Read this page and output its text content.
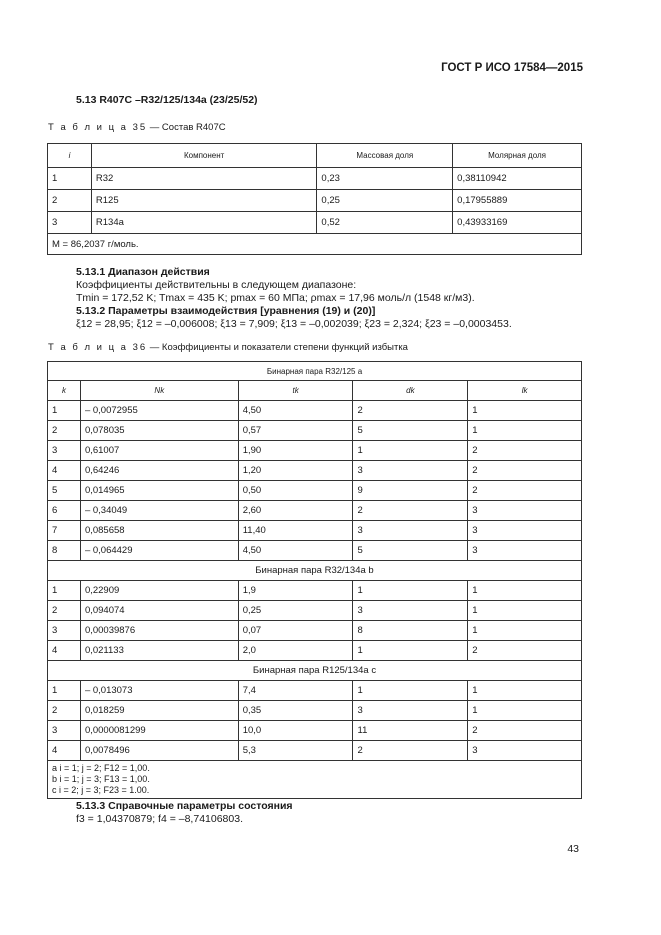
ГОСТ Р ИСО 17584—2015
5.13 R407C –R32/125/134a (23/25/52)
Т а б л и ц а 35 — Состав R407C
i	Компонент	Массовая доля	Молярная доля
1	R32	0,23	0,38110942
2	R125	0,25	0,17955889
3	R134a	0,52	0,43933169
M = 86,2037 г/моль.			
5.13.1 Диапазон действия
Коэффициенты действительны в следующем диапазоне:
Tmin = 172,52 K; Tmax = 435 K; pmax = 60 МПа; ρmax = 17,96 моль/л (1548 кг/м3).
5.13.2 Параметры взаимодействия [уравнения (19) и (20)]
ξ12 = 28,95; ξ12 = –0,006008; ξ13 = 7,909; ξ13 = –0,002039; ξ23 = 2,324; ξ23 = –0,0003453.
Т а б л и ц а 36 — Коэффициенты и показатели степени функций избытка
Бинарная пара R32/125 a				
k	Nk	tk	dk	lk
1	– 0,0072955	4,50	2	1
2	0,078035	0,57	5	1
3	0,61007	1,90	1	2
4	0,64246	1,20	3	2
5	0,014965	0,50	9	2
6	– 0,34049	2,60	2	3
7	0,085658	11,40	3	3
8	– 0,064429	4,50	5	3
Бинарная пара R32/134a b				
1	0,22909	1,9	1	1
2	0,094074	0,25	3	1
3	0,00039876	0,07	8	1
4	0,021133	2,0	1	2
Бинарная пара R125/134a c				
1	– 0,013073	7,4	1	1
2	0,018259	0,35	3	1
3	0,0000081299	10,0	11	2
4	0,0078496	5,3	2	3

a i = 1; j = 2; F12 = 1,00.
b i = 1; j = 3; F13 = 1,00.
c i = 2; j = 3; F23 = 1.00.				
5.13.3 Справочные параметры состояния
f3 = 1,04370879; f4 = –8,74106803.
43
